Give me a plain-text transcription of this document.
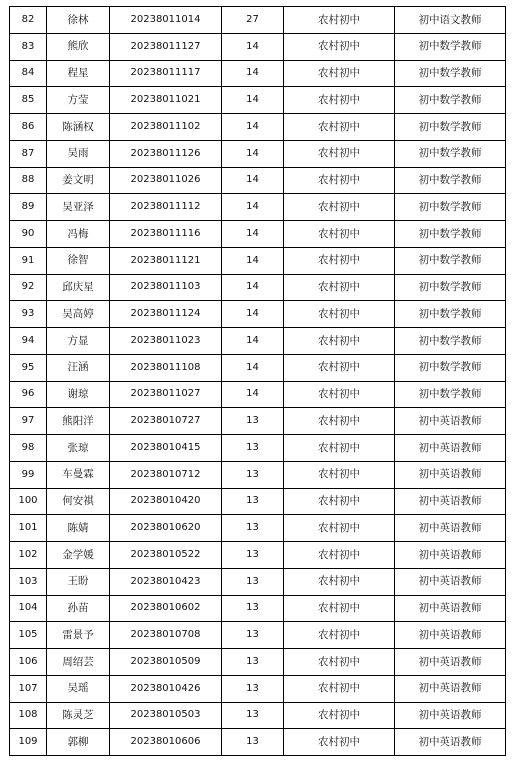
82	徐林	20238011014	27	农村初中	初中语文教师
83	熊欣	20238011127	14	农村初中	初中数学教师
84	程星	20238011117	14	农村初中	初中数学教师
85	方莹	20238011021	14	农村初中	初中数学教师
86	陈涵权	20238011102	14	农村初中	初中数学教师
87	吴雨	20238011126	14	农村初中	初中数学教师
88	姜文明	20238011026	14	农村初中	初中数学教师
89	吴亚泽	20238011112	14	农村初中	初中数学教师
90	冯梅	20238011116	14	农村初中	初中数学教师
91	徐智	20238011121	14	农村初中	初中数学教师
92	邱庆星	20238011103	14	农村初中	初中数学教师
93	吴高婷	20238011124	14	农村初中	初中数学教师
94	方显	20238011023	14	农村初中	初中数学教师
95	汪涵	20238011108	14	农村初中	初中数学教师
96	谢琼	20238011027	14	农村初中	初中数学教师
97	熊阳洋	20238010727	13	农村初中	初中英语教师
98	张琼	20238010415	13	农村初中	初中英语教师
99	车曼霖	20238010712	13	农村初中	初中英语教师
100	何安祺	20238010420	13	农村初中	初中英语教师
101	陈婧	20238010620	13	农村初中	初中英语教师
102	金学媛	20238010522	13	农村初中	初中英语教师
103	王盼	20238010423	13	农村初中	初中英语教师
104	孙苗	20238010602	13	农村初中	初中英语教师
105	雷景予	20238010708	13	农村初中	初中英语教师
106	周绍芸	20238010509	13	农村初中	初中英语教师
107	吴瑶	20238010426	13	农村初中	初中英语教师
108	陈灵芝	20238010503	13	农村初中	初中英语教师
109	郭柳	20238010606	13	农村初中	初中英语教师
